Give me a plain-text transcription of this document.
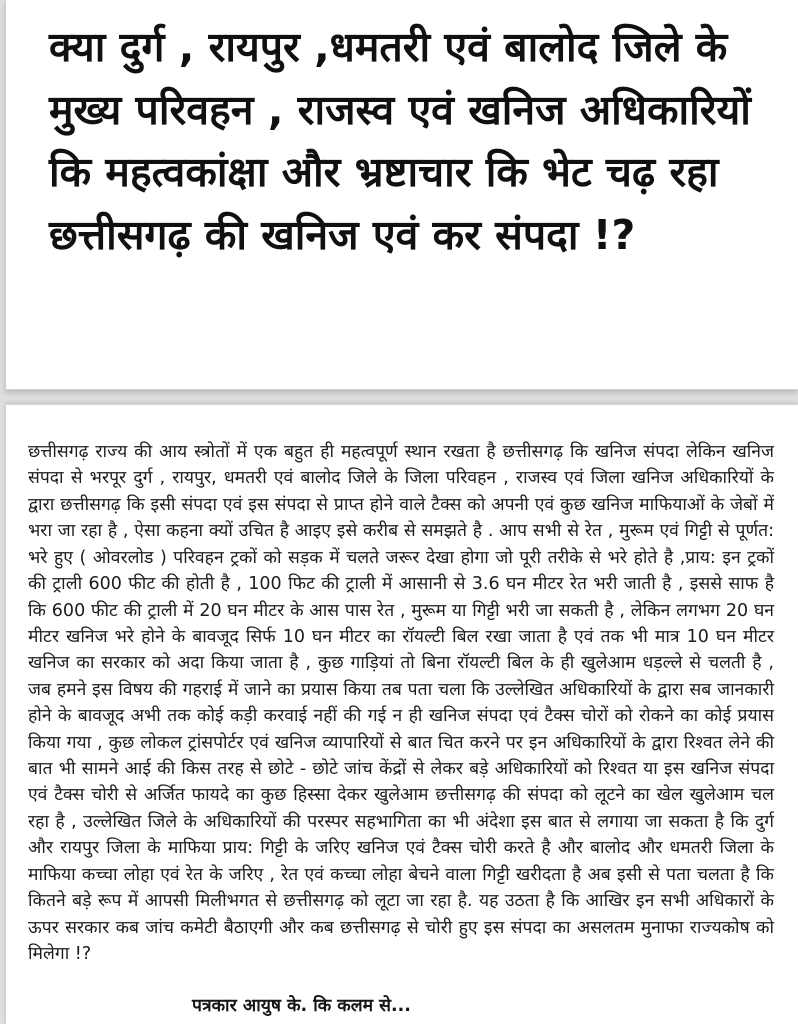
क्या दुर्ग , रायपुर ,धमतरी एवं बालोद जिले के मुख्य परिवहन , राजस्व एवं खनिज अधिकारियों कि महत्वकांक्षा और भ्रष्टाचार कि भेट चढ़ रहा छत्तीसगढ़ की खनिज एवं कर संपदा !?

छत्तीसगढ़ राज्य की आय स्त्रोतों में एक बहुत ही महत्वपूर्ण स्थान रखता है छत्तीसगढ़ कि खनिज संपदा लेकिन खनिज संपदा से भरपूर दुर्ग , रायपुर, धमतरी एवं बालोद जिले के जिला परिवहन , राजस्व एवं जिला खनिज अधिकारियों के द्वारा छत्तीसगढ़ कि इसी संपदा एवं इस संपदा से प्राप्त होने वाले टैक्स को अपनी एवं कुछ खनिज माफियाओं के जेबों में भरा जा रहा है , ऐसा कहना क्यों उचित है आइए इसे करीब से समझते है . आप सभी से रेत , मुरूम एवं गिट्टी से पूर्णत: भरे हुए ( ओवरलोड ) परिवहन ट्रकों को सड़क में चलते जरूर देखा होगा जो पूरी तरीके से भरे होते है ,प्राय: इन ट्रकों की ट्राली 600 फीट की होती है , 100 फिट की ट्राली में आसानी से 3.6 घन मीटर रेत भरी जाती है , इससे साफ है कि 600 फीट की ट्राली में 20 घन मीटर के आस पास रेत , मुरूम या गिट्टी भरी जा सकती है , लेकिन लगभग 20 घन मीटर खनिज भरे होने के बावजूद सिर्फ 10 घन मीटर का रॉयल्टी बिल रखा जाता है एवं तक भी मात्र 10 घन मीटर खनिज का सरकार को अदा किया जाता है , कुछ गाड़ियां तो बिना रॉयल्टी बिल के ही खुलेआम धड़ल्ले से चलती है , जब हमने इस विषय की गहराई में जाने का प्रयास किया तब पता चला कि उल्लेखित अधिकारियों के द्वारा सब जानकारी होने के बावजूद अभी तक कोई कड़ी करवाई नहीं की गई न ही खनिज संपदा एवं टैक्स चोरों को रोकने का कोई प्रयास किया गया , कुछ लोकल ट्रांसपोर्टर एवं खनिज व्यापारियों से बात चित करने पर इन अधिकारियों के द्वारा रिश्वत लेने की बात भी सामने आई की किस तरह से छोटे - छोटे जांच केंद्रों से लेकर बड़े अधिकारियों को रिश्वत या इस खनिज संपदा एवं टैक्स चोरी से अर्जित फायदे का कुछ हिस्सा देकर खुलेआम छत्तीसगढ़ की संपदा को लूटने का खेल खुलेआम चल रहा है , उल्लेखित जिले के अधिकारियों की परस्पर सहभागिता का भी अंदेशा इस बात से लगाया जा सकता है कि दुर्ग और रायपुर जिला के माफिया प्राय: गिट्टी के जरिए खनिज एवं टैक्स चोरी करते है और बालोद और धमतरी जिला के माफिया कच्चा लोहा एवं रेत के जरिए , रेत एवं कच्चा लोहा बेचने वाला गिट्टी खरीदता है अब इसी से पता चलता है कि कितने बड़े रूप में आपसी मिलीभगत से छत्तीसगढ़ को लूटा जा रहा है. यह उठता है कि आखिर इन सभी अधिकारों के ऊपर सरकार कब जांच कमेटी बैठाएगी और कब छत्तीसगढ़ से चोरी हुए इस संपदा का असलतम मुनाफा राज्यकोष को मिलेगा !?

पत्रकार आयुष के. कि कलम से...
